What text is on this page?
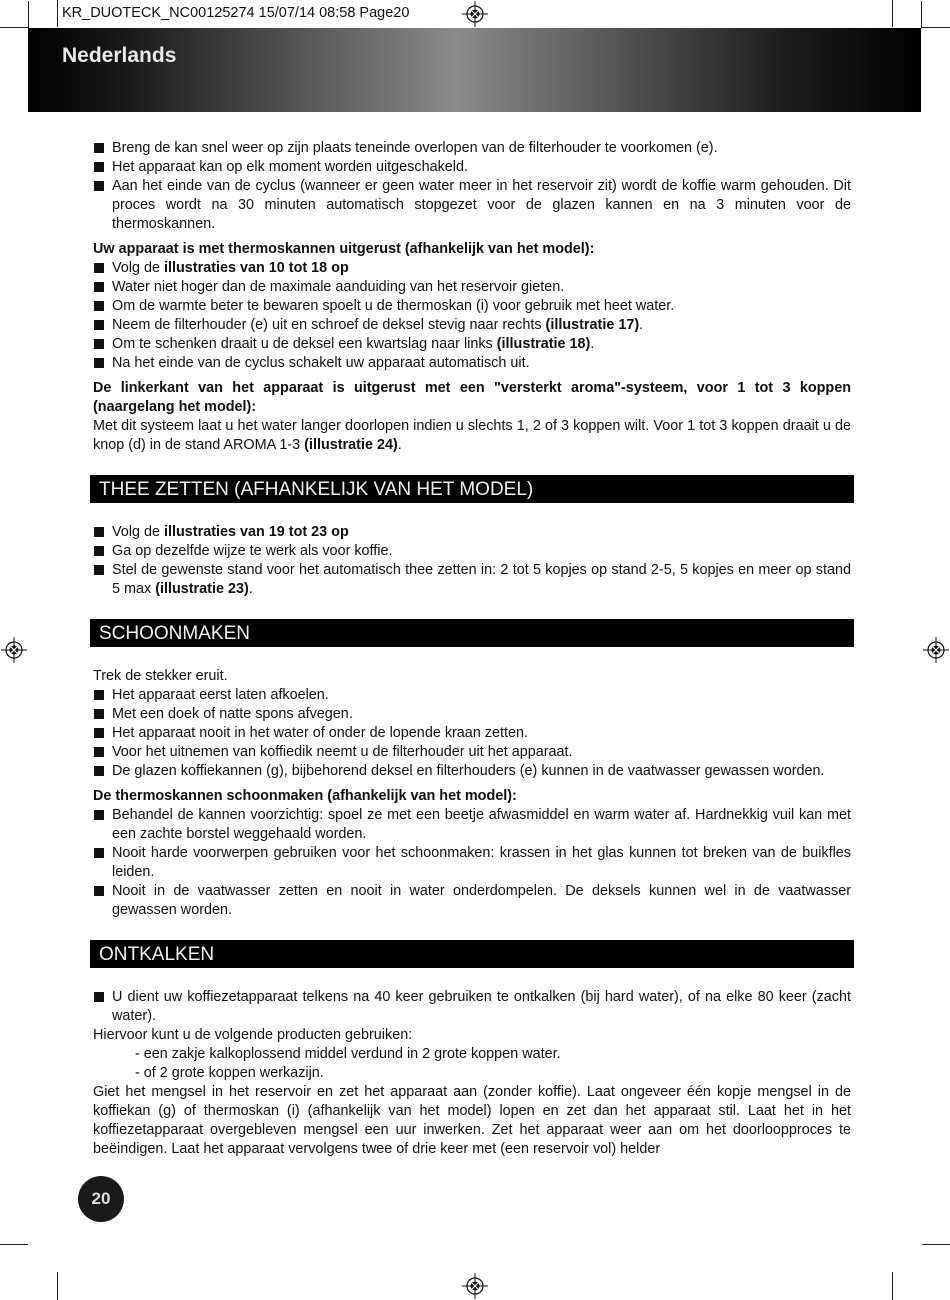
KR_DUOTECK_NC00125274 15/07/14 08:58 Page20
Nederlands
Breng de kan snel weer op zijn plaats teneinde overlopen van de filterhouder te voorkomen (e).
Het apparaat kan op elk moment worden uitgeschakeld.
Aan het einde van de cyclus (wanneer er geen water meer in het reservoir zit) wordt de koffie warm gehouden. Dit proces wordt na 30 minuten automatisch stopgezet voor de glazen kannen en na 3 minuten voor de thermoskannen.
Uw apparaat is met thermoskannen uitgerust (afhankelijk van het model):
Volg de illustraties van 10 tot 18 op
Water niet hoger dan de maximale aanduiding van het reservoir gieten.
Om de warmte beter te bewaren spoelt u de thermoskan (i) voor gebruik met heet water.
Neem de filterhouder (e) uit en schroef de deksel stevig naar rechts (illustratie 17).
Om te schenken draait u de deksel een kwartslag naar links (illustratie 18).
Na het einde van de cyclus schakelt uw apparaat automatisch uit.
De linkerkant van het apparaat is uitgerust met een "versterkt aroma"-systeem, voor 1 tot 3 koppen (naargelang het model):
Met dit systeem laat u het water langer doorlopen indien u slechts 1, 2 of 3 koppen wilt. Voor 1 tot 3 koppen draait u de knop (d) in de stand AROMA 1-3 (illustratie 24).
THEE ZETTEN (AFHANKELIJK VAN HET MODEL)
Volg de illustraties van 19 tot 23 op
Ga op dezelfde wijze te werk als voor koffie.
Stel de gewenste stand voor het automatisch thee zetten in: 2 tot 5 kopjes op stand 2-5, 5 kopjes en meer op stand 5 max (illustratie 23).
SCHOONMAKEN
Trek de stekker eruit.
Het apparaat eerst laten afkoelen.
Met een doek of natte spons afvegen.
Het apparaat nooit in het water of onder de lopende kraan zetten.
Voor het uitnemen van koffiedik neemt u de filterhouder uit het apparaat.
De glazen koffiekannen (g), bijbehorend deksel en filterhouders (e) kunnen in de vaatwasser gewassen worden.
De thermoskannen schoonmaken (afhankelijk van het model):
Behandel de kannen voorzichtig: spoel ze met een beetje afwasmiddel en warm water af. Hardnekkig vuil kan met een zachte borstel weggehaald worden.
Nooit harde voorwerpen gebruiken voor het schoonmaken: krassen in het glas kunnen tot breken van de buikfles leiden.
Nooit in de vaatwasser zetten en nooit in water onderdompelen. De deksels kunnen wel in de vaatwasser gewassen worden.
ONTKALKEN
U dient uw koffiezetapparaat telkens na 40 keer gebruiken te ontkalken (bij hard water), of na elke 80 keer (zacht water).
Hiervoor kunt u de volgende producten gebruiken:
- een zakje kalkoplossend middel verdund in 2 grote koppen water.
- of 2 grote koppen werkazijn.
Giet het mengsel in het reservoir en zet het apparaat aan (zonder koffie). Laat ongeveer één kopje mengsel in de koffiekan (g) of thermoskan (i) (afhankelijk van het model) lopen en zet dan het apparaat stil. Laat het in het koffiezetapparaat overgebleven mengsel een uur inwerken. Zet het apparaat weer aan om het doorloopproces te beëindigen. Laat het apparaat vervolgens twee of drie keer met (een reservoir vol) helder
20
